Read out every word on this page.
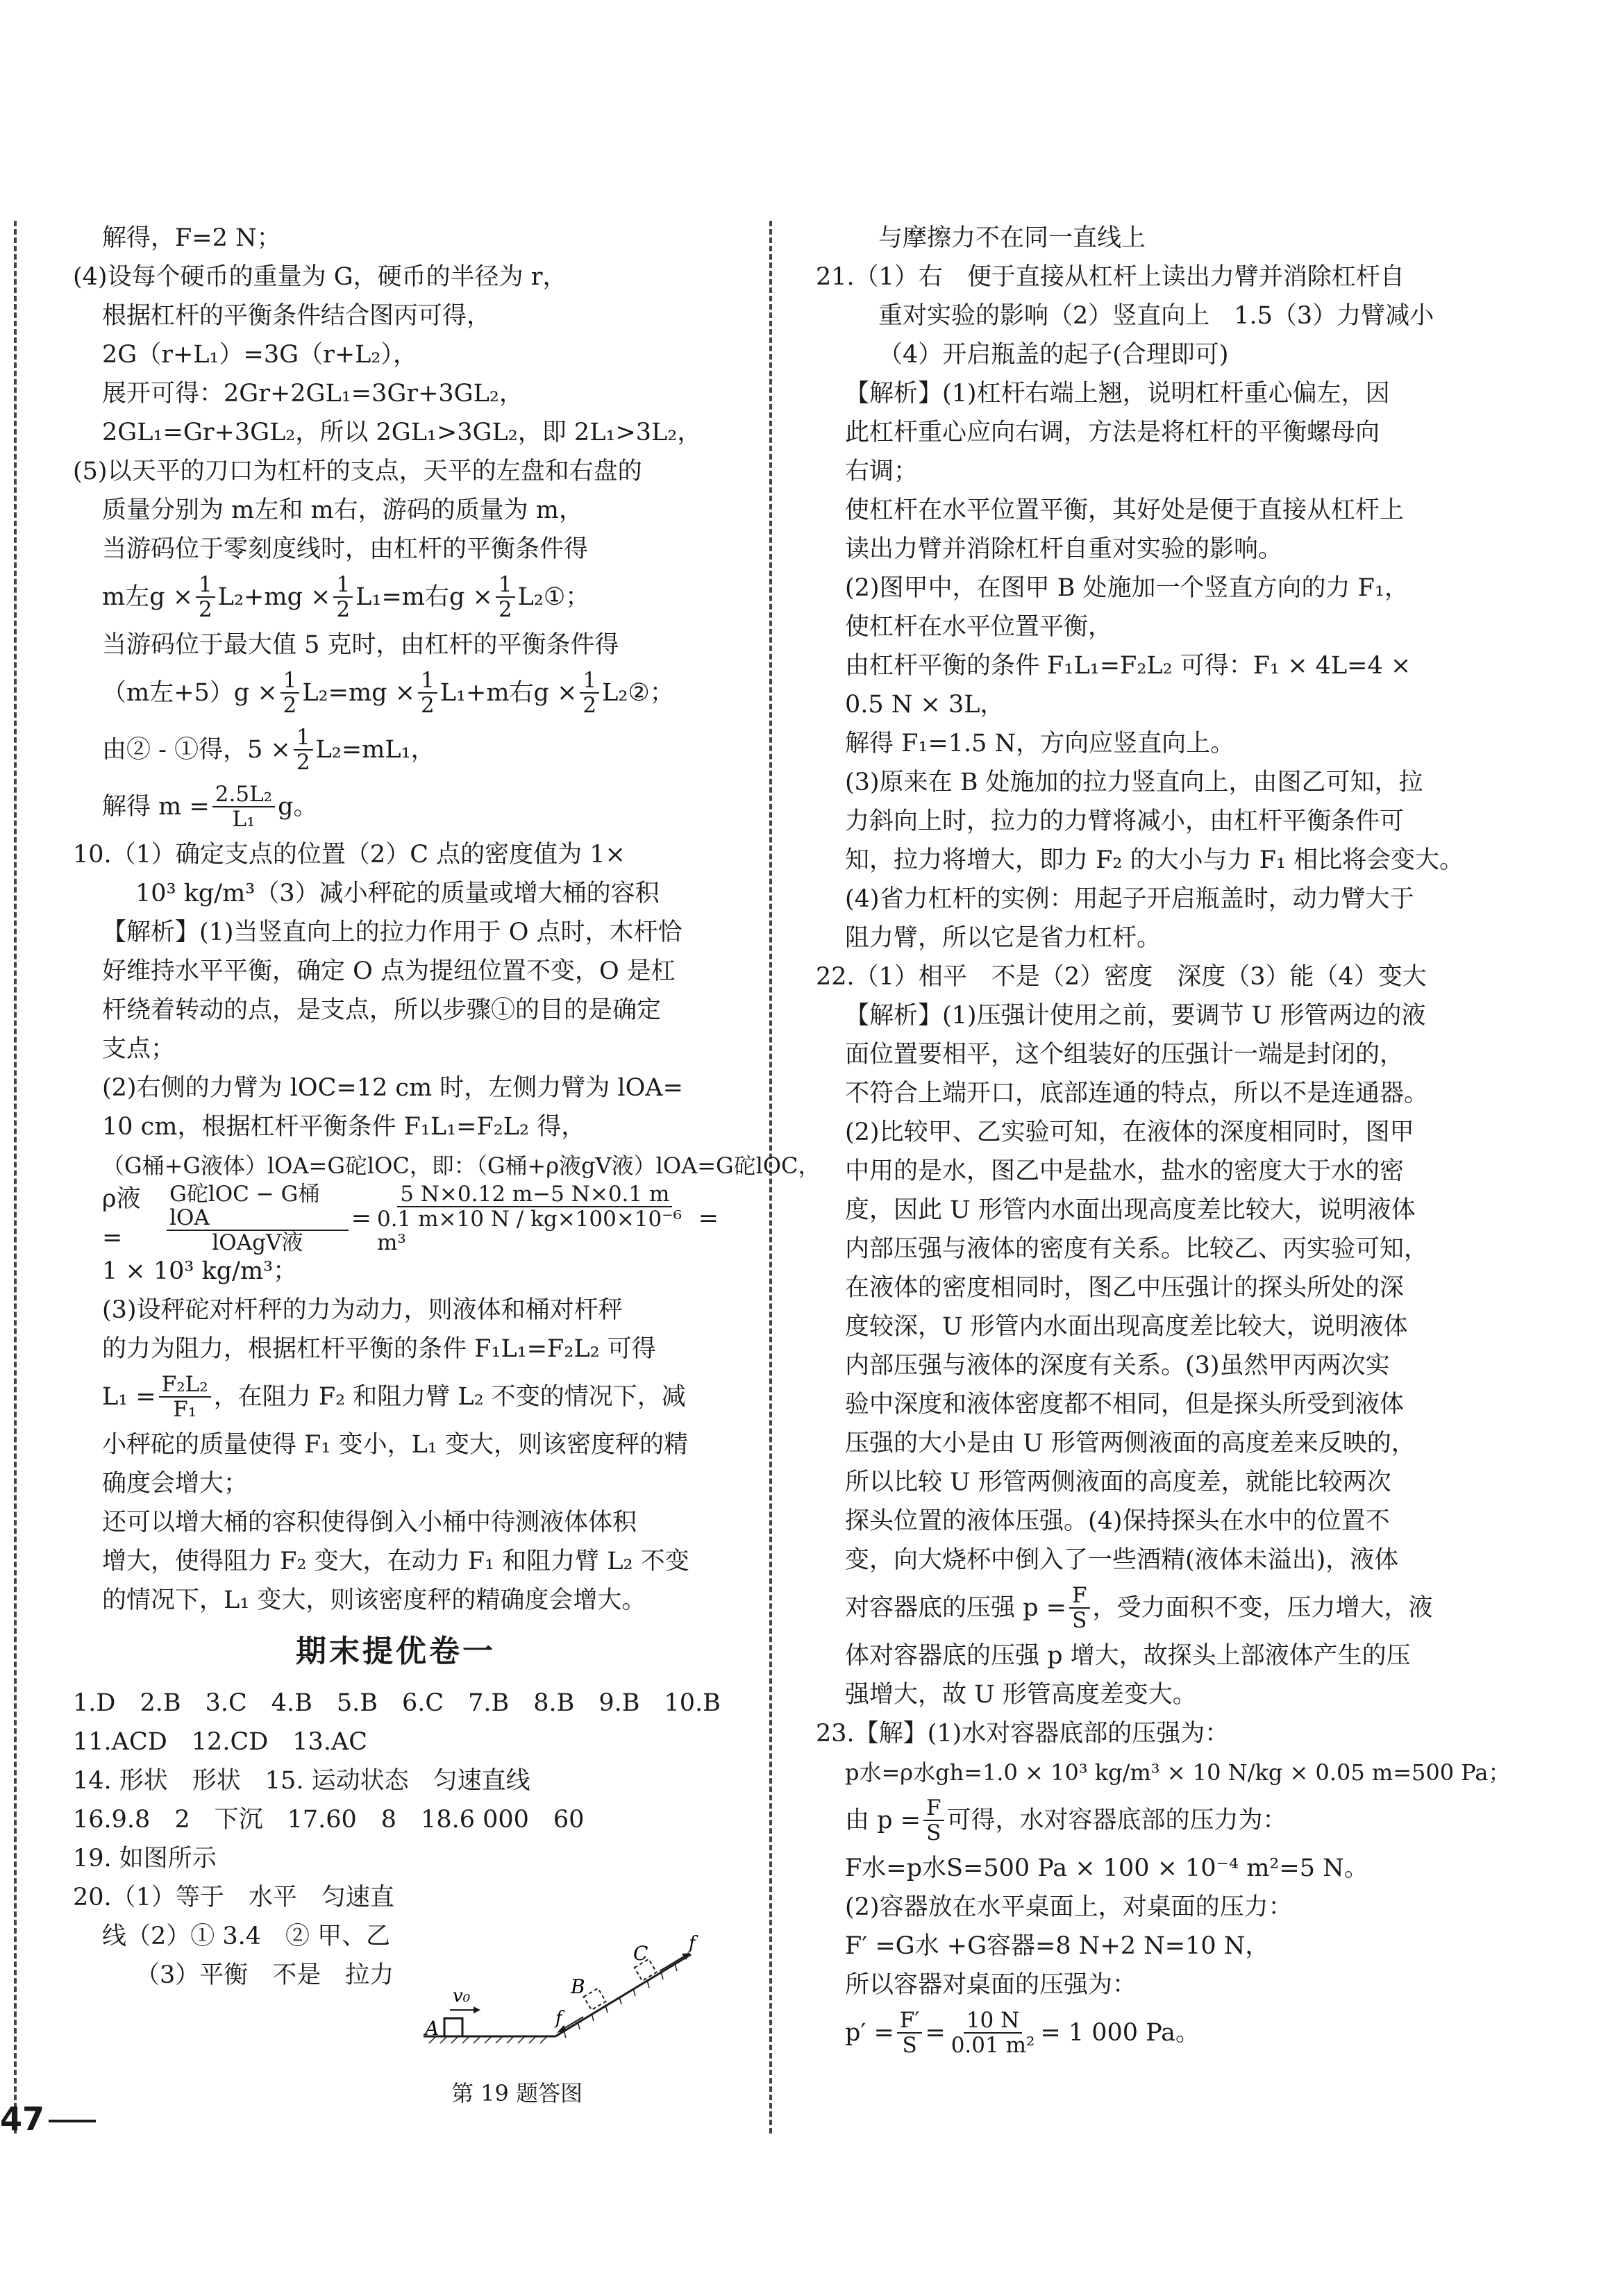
解得，F=2 N；
(4)设每个硬币的重量为 G，硬币的半径为 r，
根据杠杆的平衡条件结合图丙可得，
2G（r+L₁）=3G（r+L₂），
展开可得：2Gr+2GL₁=3Gr+3GL₂，
2GL₁=Gr+3GL₂，所以 2GL₁>3GL₂，即 2L₁>3L₂，
(5)以天平的刀口为杠杆的支点，天平的左盘和右盘的
质量分别为 m左和 m右，游码的质量为 m，
当游码位于零刻度线时，由杠杆的平衡条件得
m左$g \times \frac{1}{2} L_2+mg \times \frac{1}{2} L_1=m$右$g \times \frac{1}{2}$ L₂①；
当游码位于最大值 5 克时，由杠杆的平衡条件得
（m左$+5)g \times \frac{1}{2} L_2=mg \times \frac{1}{2} L_1+m$右$g \times \frac{1}{2}$ L₂②；
由② - ①得，$5 \times \frac{1}{2} L_2=mL_1$，
解得 $m = \frac{\text{2.5L₂}}{\text{L₁}}$ g。
10.（1）确定支点的位置（2）C 点的密度值为 1×
10³ kg/m³（3）减小秤砣的质量或增大桶的容积
【解析】(1)当竖直向上的拉力作用于 O 点时，木杆恰
好维持水平平衡，确定 O 点为提纽位置不变，O 是杠
杆绕着转动的点，是支点，所以步骤①的目的是确定
支点；
(2)右侧的力臂为 lOC=12 cm 时，左侧力臂为 lOA=
10 cm，根据杠杆平衡条件 F₁L₁=F₂L₂ 得，
（G桶+G液体）lOA=G砣lOC，即：（G桶+ρ液gV液）lOA=G砣lOC，
ρ液 =	$\frac{\text{G砣lOC − G桶lOA}}{\text{lOAgV液}} = \frac{5 N\times 0.12 m-5 N\times 0.1 m}{\text{0.1 m×10 N / kg×100×10⁻⁶ m³}}$ =
1 × 10³ kg/m³；
(3)设秤砣对杆秤的力为动力，则液体和桶对杆秤
的力为阻力，根据杠杆平衡的条件 F₁L₁=F₂L₂ 可得
$L_1 = \frac{\text{F₂L₂}}{\text{F₁}}$ ，在阻力 F₂ 和阻力臂 L₂ 不变的情况下，减
小秤砣的质量使得 F₁ 变小，L₁ 变大，则该密度秤的精
确度会增大；
还可以增大桶的容积使得倒入小桶中待测液体体积
增大，使得阻力 F₂ 变大，在动力 F₁ 和阻力臂 L₂ 不变
的情况下，L₁ 变大，则该密度秤的精确度会增大。
期末提优卷一
1.D　2.B　3.C　4.B　5.B　6.C　7.B　8.B　9.B　10.B
11.ACD　12.CD　13.AC
14. 形状　形状　15. 运动状态　匀速直线
16.9.8　2　下沉　17.60　8　18.6 000　60
19. 如图所示
20.（1）等于　水平　匀速直
线（2）① 3.4　② 甲、乙
（3）平衡　不是　拉力
A
v₀	B
C
f
f
第 19 题答图
与摩擦力不在同一直线上
21.（1）右　便于直接从杠杆上读出力臂并消除杠杆自
重对实验的影响（2）竖直向上　1.5（3）力臂减小
（4）开启瓶盖的起子(合理即可)
【解析】(1)杠杆右端上翘，说明杠杆重心偏左，因
此杠杆重心应向右调，方法是将杠杆的平衡螺母向
右调；
使杠杆在水平位置平衡，其好处是便于直接从杠杆上
读出力臂并消除杠杆自重对实验的影响。
(2)图甲中，在图甲 B 处施加一个竖直方向的力 F₁，
使杠杆在水平位置平衡，
由杠杆平衡的条件 F₁L₁=F₂L₂ 可得：F₁ × 4L=4 ×
0.5 N × 3L，
解得 F₁=1.5 N，方向应竖直向上。
(3)原来在 B 处施加的拉力竖直向上，由图乙可知，拉
力斜向上时，拉力的力臂将减小，由杠杆平衡条件可
知，拉力将增大，即力 F₂ 的大小与力 F₁ 相比将会变大。
(4)省力杠杆的实例：用起子开启瓶盖时，动力臂大于
阻力臂，所以它是省力杠杆。
22.（1）相平　不是（2）密度　深度（3）能（4）变大
【解析】(1)压强计使用之前，要调节 U 形管两边的液
面位置要相平，这个组装好的压强计一端是封闭的，
不符合上端开口，底部连通的特点，所以不是连通器。
(2)比较甲、乙实验可知，在液体的深度相同时，图甲
中用的是水，图乙中是盐水，盐水的密度大于水的密
度，因此 U 形管内水面出现高度差比较大，说明液体
内部压强与液体的密度有关系。比较乙、丙实验可知，
在液体的密度相同时，图乙中压强计的探头所处的深
度较深，U 形管内水面出现高度差比较大，说明液体
内部压强与液体的深度有关系。(3)虽然甲丙两次实
验中深度和液体密度都不相同，但是探头所受到液体
压强的大小是由 U 形管两侧液面的高度差来反映的，
所以比较 U 形管两侧液面的高度差，就能比较两次
探头位置的液体压强。(4)保持探头在水中的位置不
变，向大烧杯中倒入了一些酒精(液体未溢出)，液体
对容器底的压强 $p = \frac{F}{S}$ ，受力面积不变，压力增大，液
体对容器底的压强 p 增大，故探头上部液体产生的压
强增大，故 U 形管高度差变大。
23.【解】(1)水对容器底部的压强为：
p水=ρ水gh=1.0 × 10³ kg/m³ × 10 N/kg × 0.05 m=500 Pa；
由 $p = \frac{F}{S}$ 可得，水对容器底部的压力为：
F水=p水S=500 Pa × 100 × 10⁻⁴ m²=5 N。
(2)容器放在水平桌面上，对桌面的压力：
F′ =G水 +G容器=8 N+2 N=10 N，
所以容器对桌面的压强为：
$p' = \frac{F'}{S} = \frac{10 N}{\text{0.01 m²}} = 1$ 000 Pa。
47
